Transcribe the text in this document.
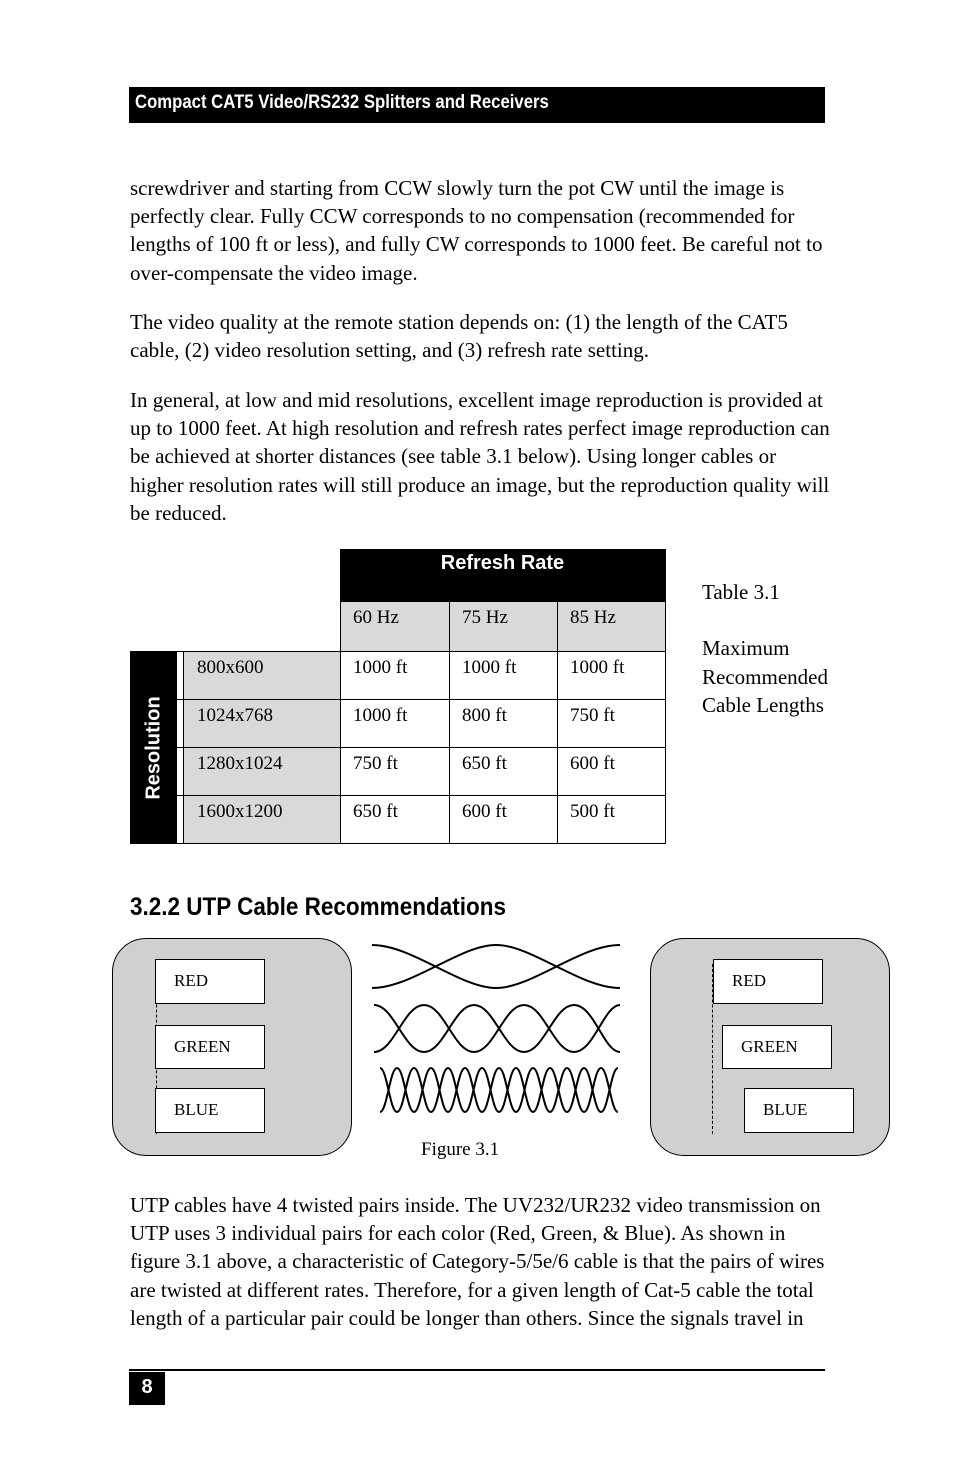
Compact CAT5 Video/RS232 Splitters and Receivers

screwdriver and starting from CCW slowly turn the pot CW until the image is perfectly clear. Fully CCW corresponds to no compensation (recommended for lengths of 100 ft or less), and fully CW corresponds to 1000 feet. Be careful not to over-compensate the video image.

The video quality at the remote station depends on: (1) the length of the CAT5 cable, (2) video resolution setting, and (3) refresh rate setting.

In general, at low and mid resolutions, excellent image reproduction is provided at up to 1000 feet. At high resolution and refresh rates perfect image reproduction can be achieved at shorter distances (see table 3.1 below). Using longer cables or higher resolution rates will still produce an image, but the reproduction quality will be reduced.

Refresh Rate
60 Hz	75 Hz	85 Hz
Resolution
800x600	1000 ft	1000 ft	1000 ft
1024x768	1000 ft	800 ft	750 ft
1280x1024	750 ft	650 ft	600 ft
1600x1200	650 ft	600 ft	500 ft

Table 3.1

Maximum
Recommended
Cable Lengths
3.2.2 UTP Cable Recommendations
RED
GREEN
BLUE
RED
GREEN
BLUE
Figure 3.1

UTP cables have 4 twisted pairs inside. The UV232/UR232 video transmission on UTP uses 3 individual pairs for each color (Red, Green, & Blue). As shown in figure 3.1 above, a characteristic of Category-5/5e/6 cable is that the pairs of wires are twisted at different rates. Therefore, for a given length of Cat-5 cable the total length of a particular pair could be longer than others. Since the signals travel in

8
